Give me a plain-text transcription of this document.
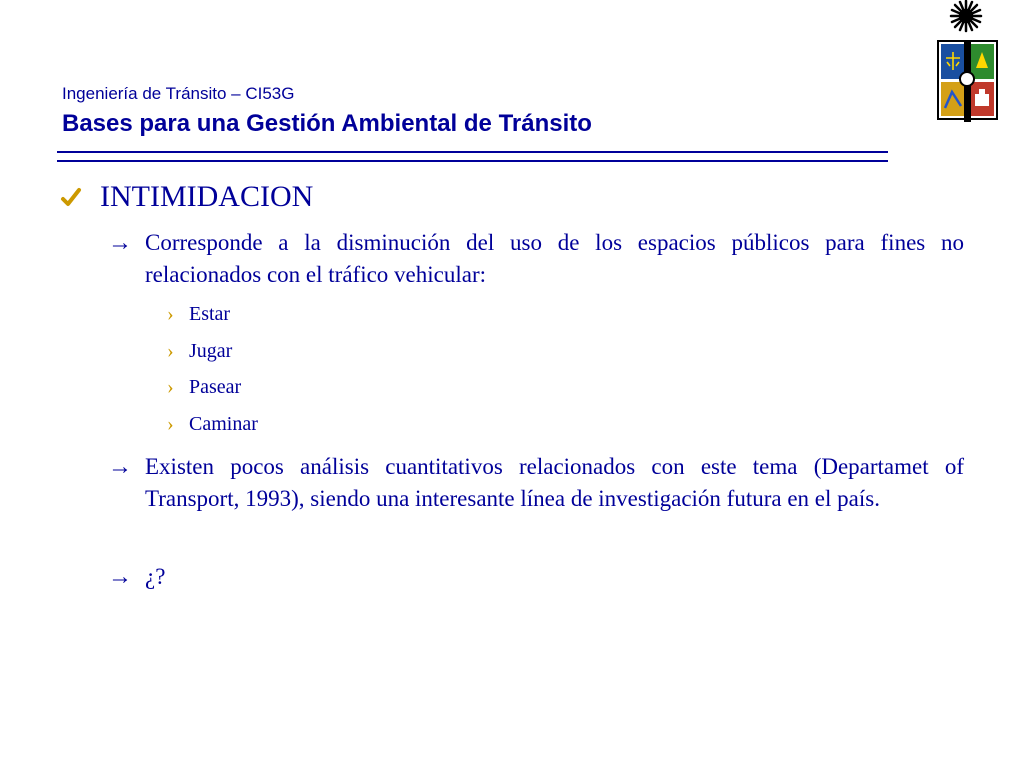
Ingeniería de Tránsito – CI53G
Bases para una Gestión Ambiental de Tránsito
INTIMIDACION
→ Corresponde a la disminución del uso de los espacios públicos para fines no relacionados con el tráfico vehicular:
› Estar
› Jugar
› Pasear
› Caminar
→ Existen pocos análisis cuantitativos relacionados con este tema (Departamet of Transport, 1993), siendo una interesante línea de investigación futura en el país.
→ ¿?
